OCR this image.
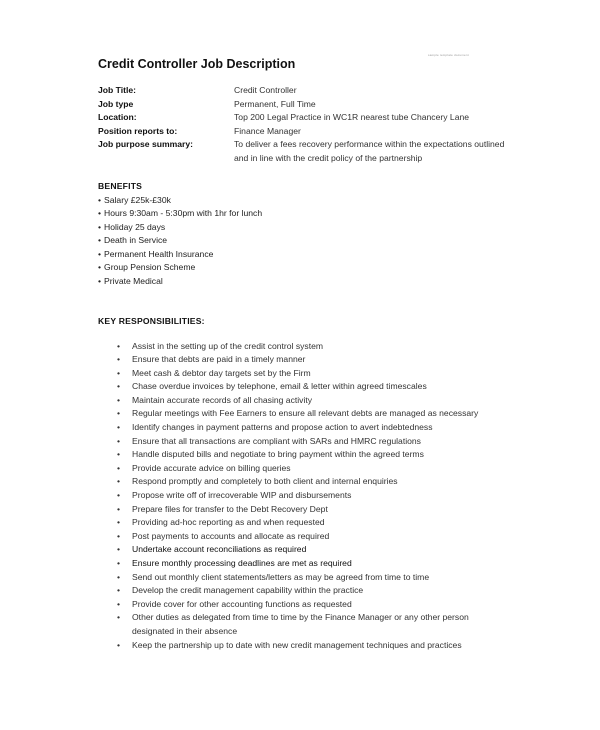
sample template document
Credit Controller Job Description
Job Title:	Credit Controller
Job type	Permanent, Full Time
Location:	Top 200 Legal Practice in WC1R nearest tube Chancery Lane
Position reports to:	Finance Manager
Job purpose summary:	To deliver a fees recovery performance within the expectations outlined and in line with the credit policy of the partnership
BENEFITS
• Salary £25k-£30k
• Hours 9:30am - 5:30pm with 1hr for lunch
• Holiday 25 days
• Death in Service
• Permanent Health Insurance
• Group Pension Scheme
• Private Medical
KEY RESPONSIBILITIES:
• Assist in the setting up of the credit control system
• Ensure that debts are paid in a timely manner
• Meet cash & debtor day targets set by the Firm
• Chase overdue invoices by telephone, email & letter within agreed timescales
• Maintain accurate records of all chasing activity
• Regular meetings with Fee Earners to ensure all relevant debts are managed as necessary
• Identify changes in payment patterns and propose action to avert indebtedness
• Ensure that all transactions are compliant with SARs and HMRC regulations
• Handle disputed bills and negotiate to bring payment within the agreed terms
• Provide accurate advice on billing queries
• Respond promptly and completely to both client and internal enquiries
• Propose write off of irrecoverable WIP and disbursements
• Prepare files for transfer to the Debt Recovery Dept
• Providing ad-hoc reporting as and when requested
• Post payments to accounts and allocate as required
• Undertake account reconciliations as required
• Ensure monthly processing deadlines are met as required
• Send out monthly client statements/letters as may be agreed from time to time
• Develop the credit management capability within the practice
• Provide cover for other accounting functions as requested
• Other duties as delegated from time to time by the Finance Manager or any other person designated in their absence
• Keep the partnership up to date with new credit management techniques and practices
